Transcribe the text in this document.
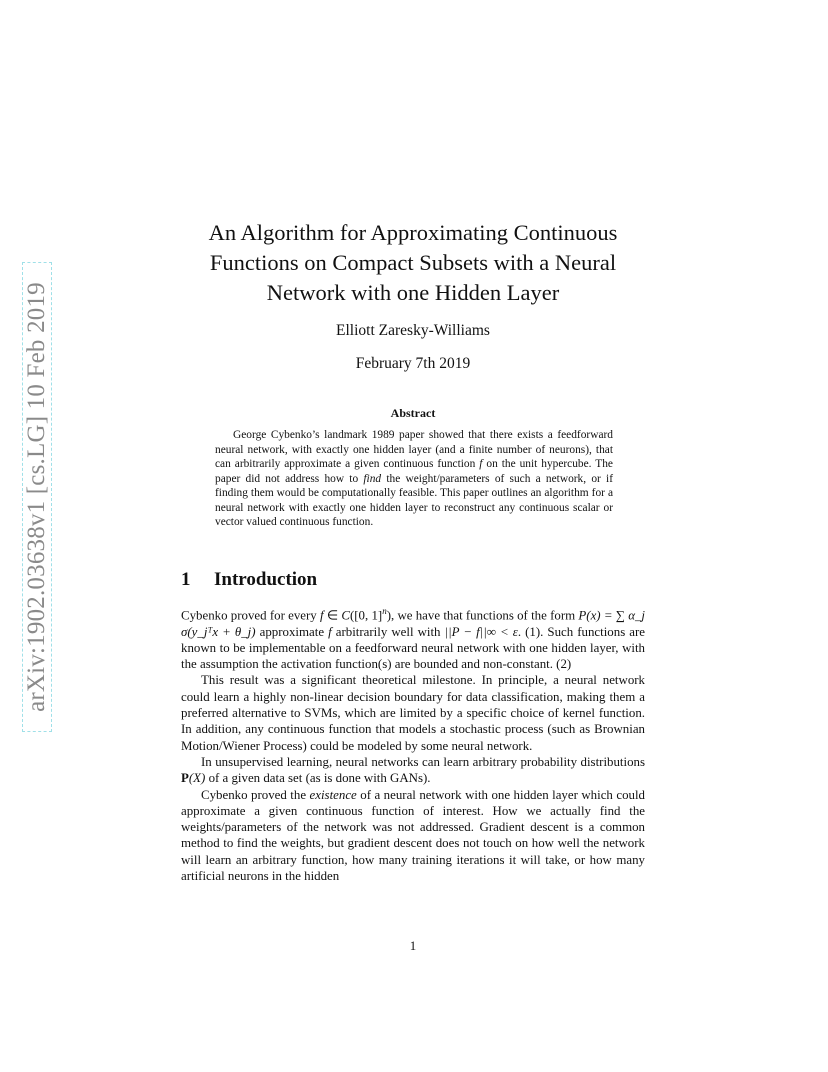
arXiv:1902.03638v1 [cs.LG] 10 Feb 2019
An Algorithm for Approximating Continuous
Functions on Compact Subsets with a Neural
Network with one Hidden Layer
Elliott Zaresky-Williams
February 7th 2019
Abstract

George Cybenko’s landmark 1989 paper showed that there exists a feedforward neural network, with exactly one hidden layer (and a finite number of neurons), that can arbitrarily approximate a given continuous function f on the unit hypercube. The paper did not address how to find the weight/parameters of such a network, or if finding them would be computationally feasible. This paper outlines an algorithm for a neural network with exactly one hidden layer to reconstruct any continuous scalar or vector valued continuous function.

1 Introduction

Cybenko proved for every f ∈ C([0, 1]$^n$), we have that functions of the form P(x) = ∑ α_j σ(y_jᵀx + θ_j) approximate f arbitrarily well with ||P − f||∞ < ε. (1). Such functions are known to be implementable on a feedforward neural network with one hidden layer, with the assumption the activation function(s) are bounded and non-constant. (2)

This result was a significant theoretical milestone. In principle, a neural network could learn a highly non-linear decision boundary for data classification, making them a preferred alternative to SVMs, which are limited by a specific choice of kernel function. In addition, any continuous function that models a stochastic process (such as Brownian Motion/Wiener Process) could be modeled by some neural network.

In unsupervised learning, neural networks can learn arbitrary probability distributions P(X) of a given data set (as is done with GANs).

Cybenko proved the existence of a neural network with one hidden layer which could approximate a given continuous function of interest. How we actually find the weights/parameters of the network was not addressed. Gradient descent is a common method to find the weights, but gradient descent does not touch on how well the network will learn an arbitrary function, how many training iterations it will take, or how many artificial neurons in the hidden

1
